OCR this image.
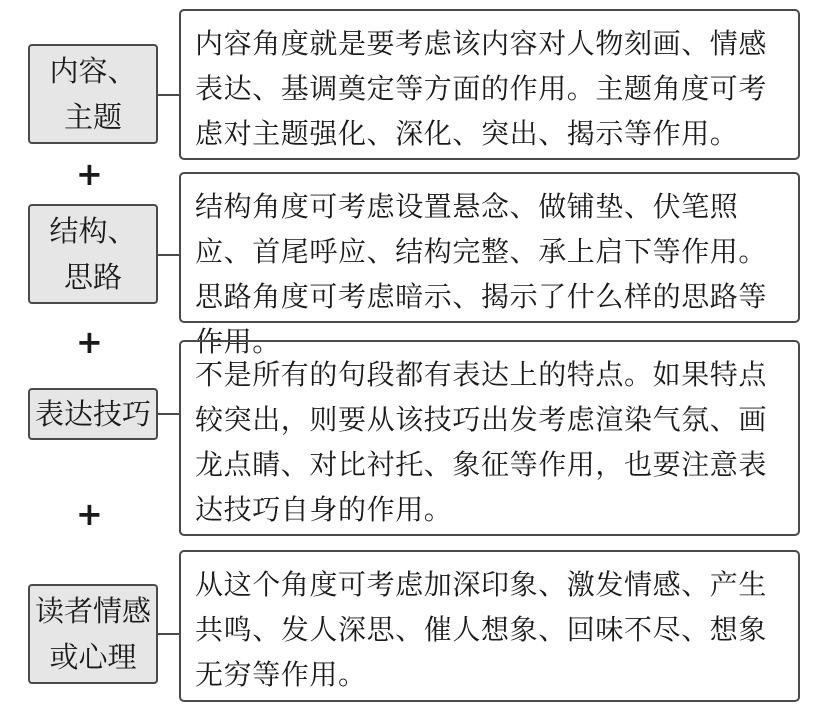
内容、
主题
内容角度就是要考虑该内容对人物刻画、情感表达、基调奠定等方面的作用。主题角度可考虑对主题强化、深化、突出、揭示等作用。
+
结构、
思路
结构角度可考虑设置悬念、做铺垫、伏笔照应、首尾呼应、结构完整、承上启下等作用。思路角度可考虑暗示、揭示了什么样的思路等作用。
+
表达技巧
不是所有的句段都有表达上的特点。如果特点较突出，则要从该技巧出发考虑渲染气氛、画龙点睛、对比衬托、象征等作用，也要注意表达技巧自身的作用。
+
读者情感
或心理
从这个角度可考虑加深印象、激发情感、产生共鸣、发人深思、催人想象、回味不尽、想象无穷等作用。
